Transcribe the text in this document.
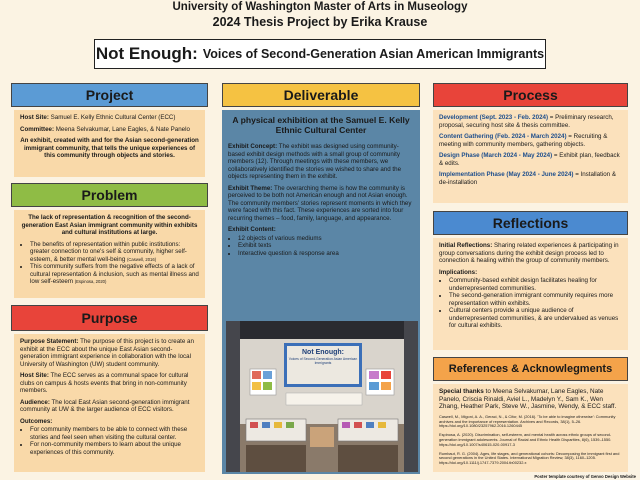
University of Washington Master of Arts in Museology
2024 Thesis Project by Erika Krause
Not Enough: Voices of Second-Generation Asian American Immigrants
Project

Host Site: Samuel E. Kelly Ethnic Cultural Center (ECC)

Committee: Meena Selvakumar, Lane Eagles, & Nate Panelo

An exhibit, created with and for the Asian second-generation immigrant community, that tells the unique experiences of this community through objects and stories.

Problem

The lack of representation & recognition of the second-generation East Asian immigrant community within exhibits and cultural institutions at large.

• The benefits of representation within public institutions: greater connection to one's self & community, higher self-esteem, & better mental well-being (Caswell, 2016)
• This community suffers from the negative effects of a lack of cultural representation & inclusion, such as mental illness and low self-esteem (Espinosa, 2020)
Purpose

Purpose Statement: The purpose of this project is to create an exhibit at the ECC about the unique East Asian second-generation immigrant experience in collaboration with the local University of Washington (UW) student community.

Host Site: The ECC serves as a communal space for cultural clubs on campus & hosts events that bring in non-community members.

Audience: The local East Asian second-generation immigrant community at UW & the larger audience of ECC visitors.

Outcomes:

• For community members to be able to connect with these stories and feel seen when visiting the cultural center.
• For non-community members to learn about the unique experiences of this community.
Deliverable

A physical exhibition at the Samuel E. Kelly Ethnic Cultural Center

Exhibit Concept: The exhibit was designed using community-based exhibit design methods with a small group of community members (12). Through meetings with these members, we collaboratively identified the stories we wished to share and the objects representing them in the exhibit.

Exhibit Theme: The overarching theme is how the community is perceived to be both not American enough and not Asian enough. The community members' stories represent moments in which they were faced with this fact. These experiences are sorted into four recurring themes – food, family, language, and appearance.

Exhibit Content:

• 12 objects of various mediums
• Exhibit texts
• Interactive question & response area
Not Enough:
Voices of Second-Generation Asian American Immigrants
Process

Development (Sept. 2023 - Feb. 2024) = Preliminary research, proposal, securing host site & thesis committee.

Content Gathering (Feb. 2024 - March 2024) = Recruiting & meeting with community members, gathering objects.

Design Phase (March 2024 - May 2024) = Exhibit plan, feedback & edits.

Implementation Phase (May 2024 - June 2024) = Installation & de-installation

Reflections

Initial Reflections: Sharing related experiences & participating in group conversations during the exhibit design process led to connection & healing within the group of community members.

Implications:

• Community-based exhibit design facilitates healing for underrepresented communities.
• The second-generation immigrant community requires more representation within exhibits.
• Cultural centers provide a unique audience of underrepresented communities, & are undervalued as venues for cultural exhibits.
References & Acknowlegments

Special thanks to Meena Selvakumar, Lane Eagles, Nate Panelo, Criscia Rinaldi, Aviel L., Madelyn Y., Sam K., Wen Zhang, Heather Park, Steve W., Jasmine, Wendy, & ECC staff.

Caswell, M., Migoni, A. A., Geraci, N., & Cifor, M. (2016). 'To be able to imagine otherwise': Community archives and the importance of representation. Archives and Records, 38(1), 5–26. https://doi.org/10.1080/23257962.2016.1260445

Espinosa, A. (2020). Discrimination, self-esteem, and mental health across ethnic groups of second-generation immigrant adolescents. Journal of Racial and Ethnic Health Disparities, 8(6), 1539–1550. https://doi.org/10.1007/s40615-020-00917-3

Rumbaut, R. G. (2004). Ages, life stages, and generational cohorts: Decomposing the immigrant first and second generations in the United States. International Migration Review, 38(3), 1160–1205. https://doi.org/10.1111/j.1747-7379.2004.tb00232.x

Poster template courtesy of Genvo Design Website
